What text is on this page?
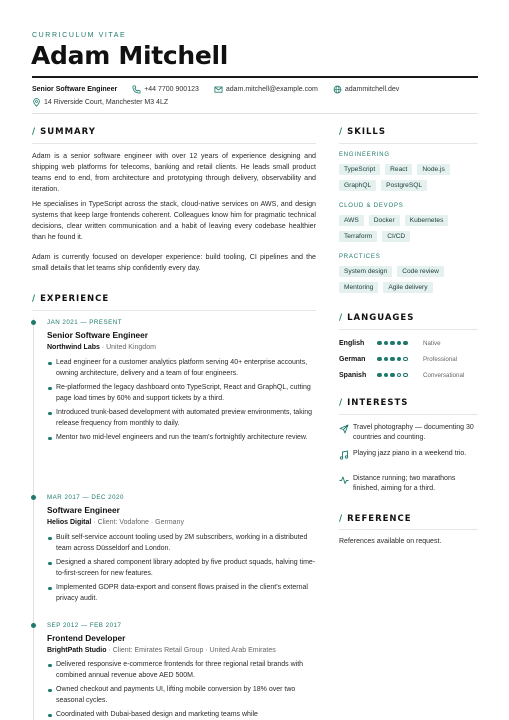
CURRICULUM VITAE
Adam Mitchell
Senior Software Engineer	+44 7700 900123	adam.mitchell@example.com	adammitchell.dev
14 Riverside Court, Manchester M3 4LZ
/ SUMMARY
Adam is a senior software engineer with over 12 years of experience designing and shipping web platforms for telecoms, banking and retail clients. He leads small product teams end to end, from architecture and prototyping through delivery, observability and iteration.
He specialises in TypeScript across the stack, cloud-native services on AWS, and design systems that keep large frontends coherent. Colleagues know him for pragmatic technical decisions, clear written communication and a habit of leaving every codebase healthier than he found it.
Adam is currently focused on developer experience: build tooling, CI pipelines and the small details that let teams ship confidently every day.
/ EXPERIENCE
JAN 2021 — PRESENT
Senior Software Engineer
Northwind Labs · United Kingdom
Lead engineer for a customer analytics platform serving 40+ enterprise accounts, owning architecture, delivery and a team of four engineers.
Re-platformed the legacy dashboard onto TypeScript, React and GraphQL, cutting page load times by 60% and support tickets by a third.
Introduced trunk-based development with automated preview environments, taking release frequency from monthly to daily.
Mentor two mid-level engineers and run the team's fortnightly architecture review.
MAR 2017 — DEC 2020
Software Engineer
Helios Digital · Client: Vodafone · Germany
Built self-service account tooling used by 2M subscribers, working in a distributed team across Düsseldorf and London.
Designed a shared component library adopted by five product squads, halving time-to-first-screen for new features.
Implemented GDPR data-export and consent flows praised in the client's external privacy audit.
SEP 2012 — FEB 2017
Frontend Developer
BrightPath Studio · Client: Emirates Retail Group · United Arab Emirates
Delivered responsive e-commerce frontends for three regional retail brands with combined annual revenue above AED 500M.
Owned checkout and payments UI, lifting mobile conversion by 18% over two seasonal cycles.
Coordinated with Dubai-based design and marketing teams while
/ SKILLS
ENGINEERING
TypeScript	React	Node.js
GraphQL	PostgreSQL
CLOUD & DEVOPS
AWS	Docker	Kubernetes
Terraform	CI/CD
PRACTICES
System design	Code review
Mentoring	Agile delivery
/ LANGUAGES
English	Native
German	Professional
Spanish	Conversational
/ INTERESTS
Travel photography — documenting 30 countries and counting.
Playing jazz piano in a weekend trio.
Distance running; two marathons finished, aiming for a third.
/ REFERENCE
References available on request.
